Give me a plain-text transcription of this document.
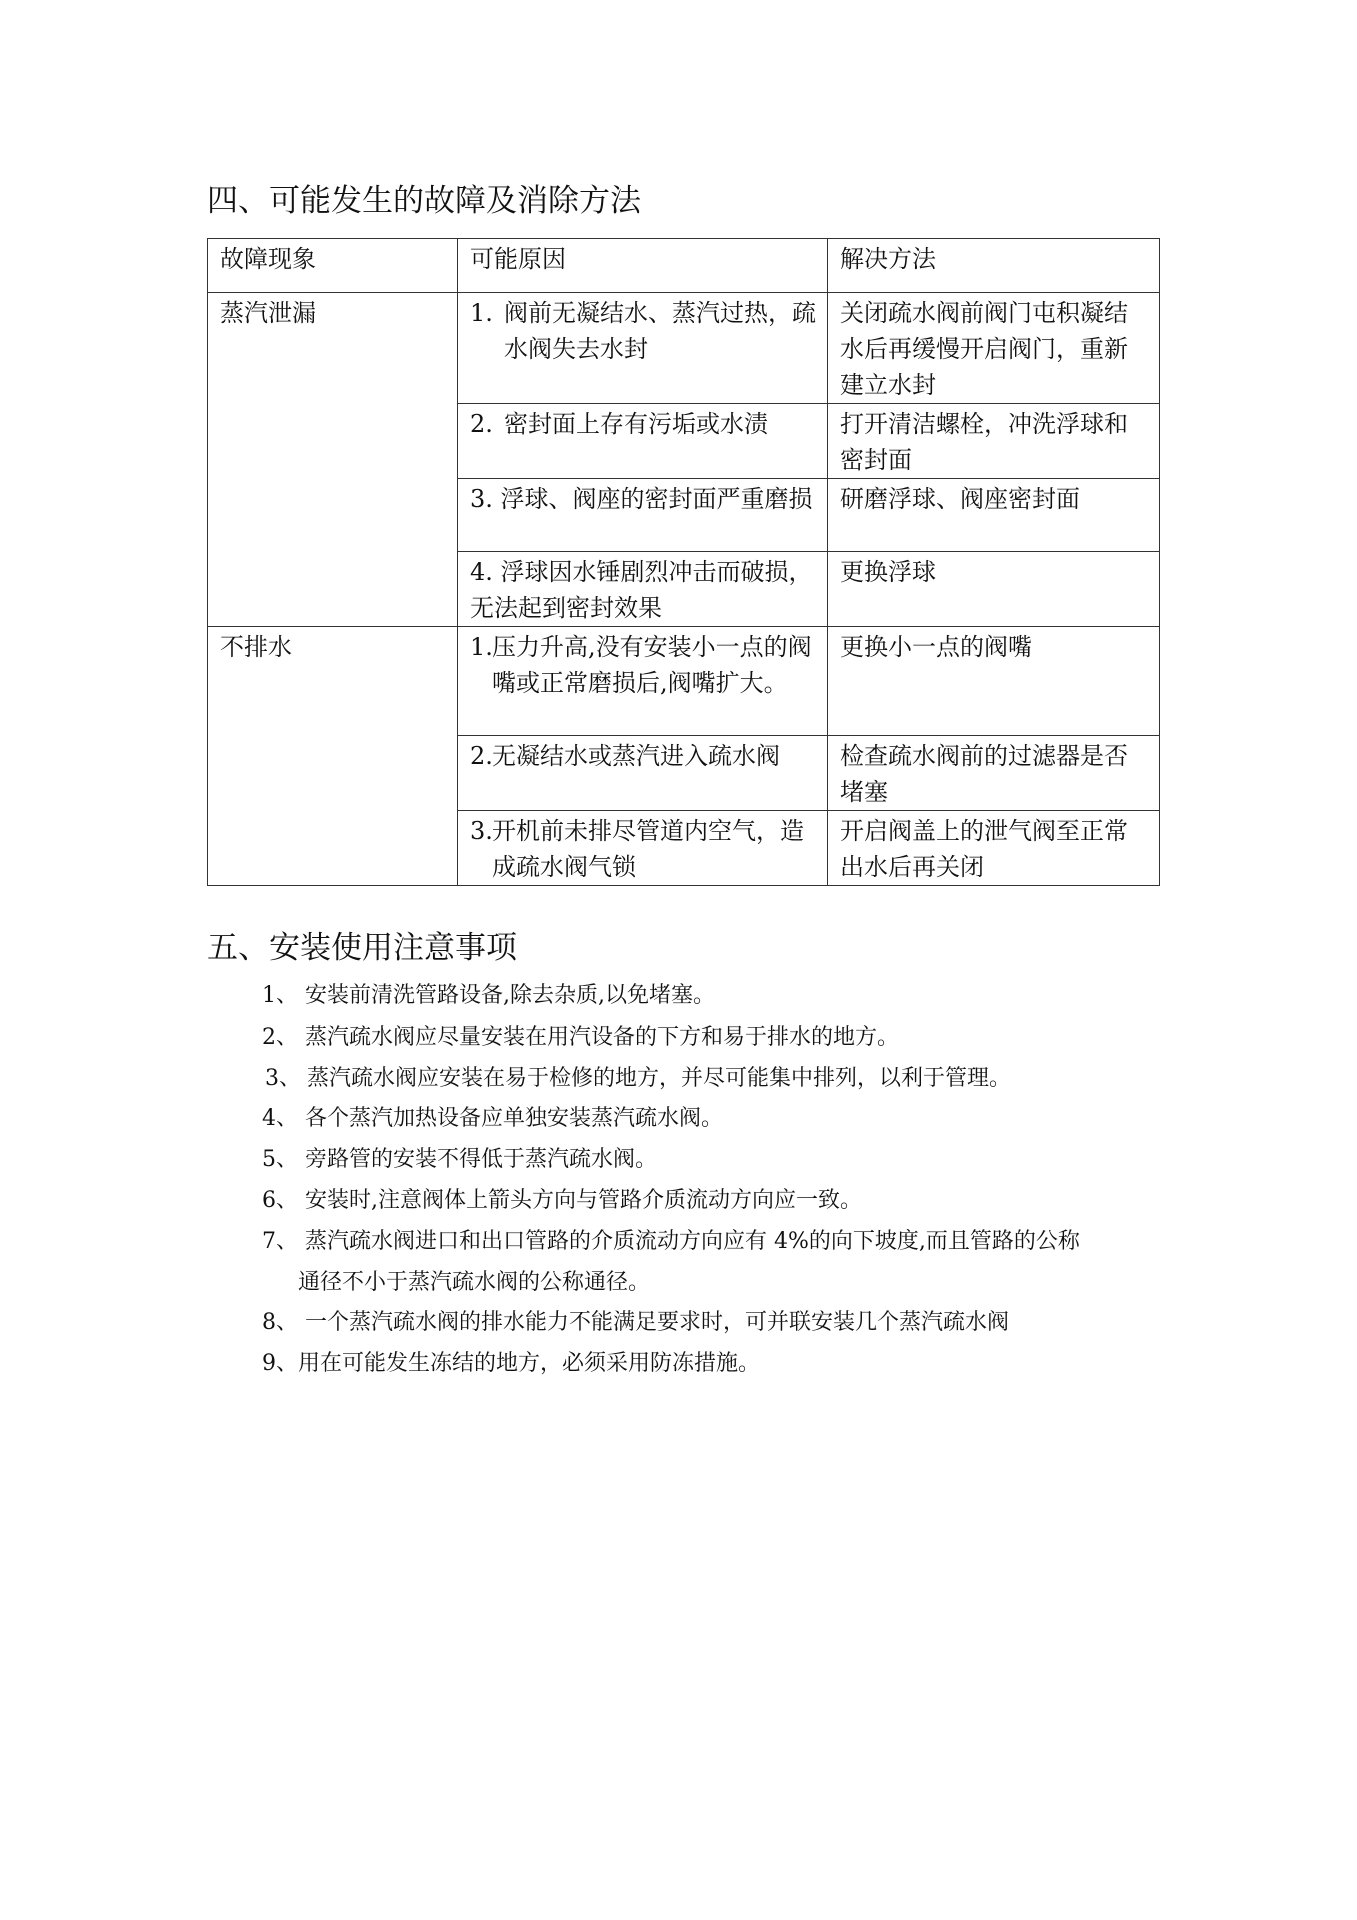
四、可能发生的故障及消除方法
故障现象	可能原因	解决方法
蒸汽泄漏	1. 阀前无凝结水、蒸汽过热，疏水阀失去水封	关闭疏水阀前阀门屯积凝结水后再缓慢开启阀门，重新建立水封

	2. 密封面上存有污垢或水渍	打开清洁螺栓，冲洗浮球和密封面
	3. 浮球、阀座的密封面严重磨损	研磨浮球、阀座密封面
	4. 浮球因水锤剧烈冲击而破损，无法起到密封效果	更换浮球
不排水	1. 压力升高,没有安装小一点的阀嘴或正常磨损后,阀嘴扩大。	更换小一点的阀嘴

	2. 无凝结水或蒸汽进入疏水阀	检查疏水阀前的过滤器是否堵塞

	3. 开机前未排尽管道内空气，造成疏水阀气锁	开启阀盖上的泄气阀至正常出水后再关闭
五、安装使用注意事项
1、 安装前清洗管路设备,除去杂质,以免堵塞。
2、 蒸汽疏水阀应尽量安装在用汽设备的下方和易于排水的地方。
3、 蒸汽疏水阀应安装在易于检修的地方，并尽可能集中排列，以利于管理。
4、 各个蒸汽加热设备应单独安装蒸汽疏水阀。
5、 旁路管的安装不得低于蒸汽疏水阀。
6、 安装时,注意阀体上箭头方向与管路介质流动方向应一致。
7、 蒸汽疏水阀进口和出口管路的介质流动方向应有 4%的向下坡度,而且管路的公称
通径不小于蒸汽疏水阀的公称通径。
8、 一个蒸汽疏水阀的排水能力不能满足要求时，可并联安装几个蒸汽疏水阀
9、 用在可能发生冻结的地方，必须采用防冻措施。
